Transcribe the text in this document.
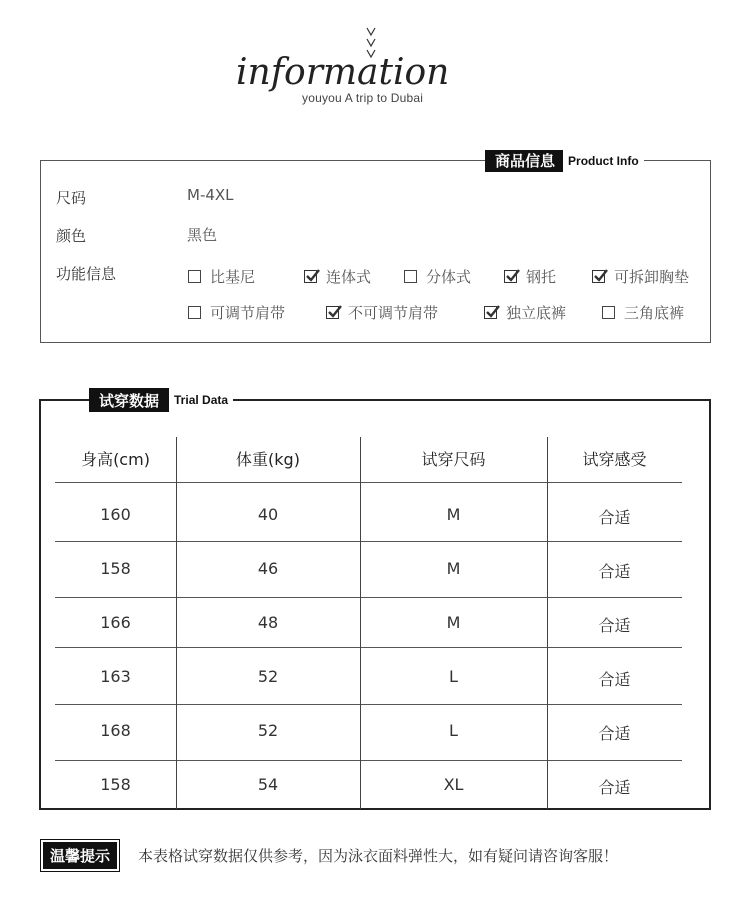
information
youyou A trip to Dubai
商品信息	Product Info
尺码	M-4XL
颜色	黑色
功能信息	比基尼	连体式	分体式	钢托	可拆卸胸垫
可调节肩带	不可调节肩带	独立底裤	三角底裤
试穿数据	Trial Data
身高(cm)	体重(kg)	试穿尺码	试穿感受
160	40	M	合适
158	46	M	合适
166	48	M	合适
163	52	L	合适
168	52	L	合适
158	54	XL	合适
温馨提示	本表格试穿数据仅供参考，因为泳衣面料弹性大，如有疑问请咨询客服！
